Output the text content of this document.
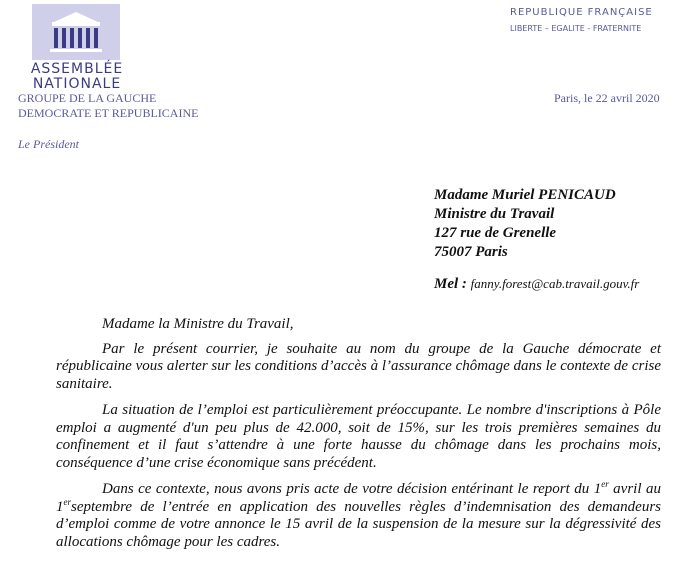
ASSEMBLÉE
NATIONALE
REPUBLIQUE FRANÇAISE
LIBERTE – EGALITE - FRATERNITE
GROUPE DE LA GAUCHE
DEMOCRATE ET REPUBLICAINE
Paris, le 22 avril 2020
Le Président
Madame Muriel PENICAUD
Ministre du Travail
127 rue de Grenelle
75007 Paris
Mel : fanny.forest@cab.travail.gouv.fr
Madame la Ministre du Travail,
Par le présent courrier, je souhaite au nom du groupe de la Gauche démocrate et républicaine vous alerter sur les conditions d’accès à l’assurance chômage dans le contexte de crise sanitaire.
La situation de l’emploi est particulièrement préoccupante. Le nombre d'inscriptions à Pôle emploi a augmenté d'un peu plus de 42.000, soit de 15%, sur les trois premières semaines du confinement et il faut s’attendre à une forte hausse du chômage dans les prochains mois, conséquence d’une crise économique sans précédent.
Dans ce contexte, nous avons pris acte de votre décision entérinant le report du 1er avril au 1erseptembre de l’entrée en application des nouvelles règles d’indemnisation des demandeurs d’emploi comme de votre annonce le 15 avril de la suspension de la mesure sur la dégressivité des allocations chômage pour les cadres.
